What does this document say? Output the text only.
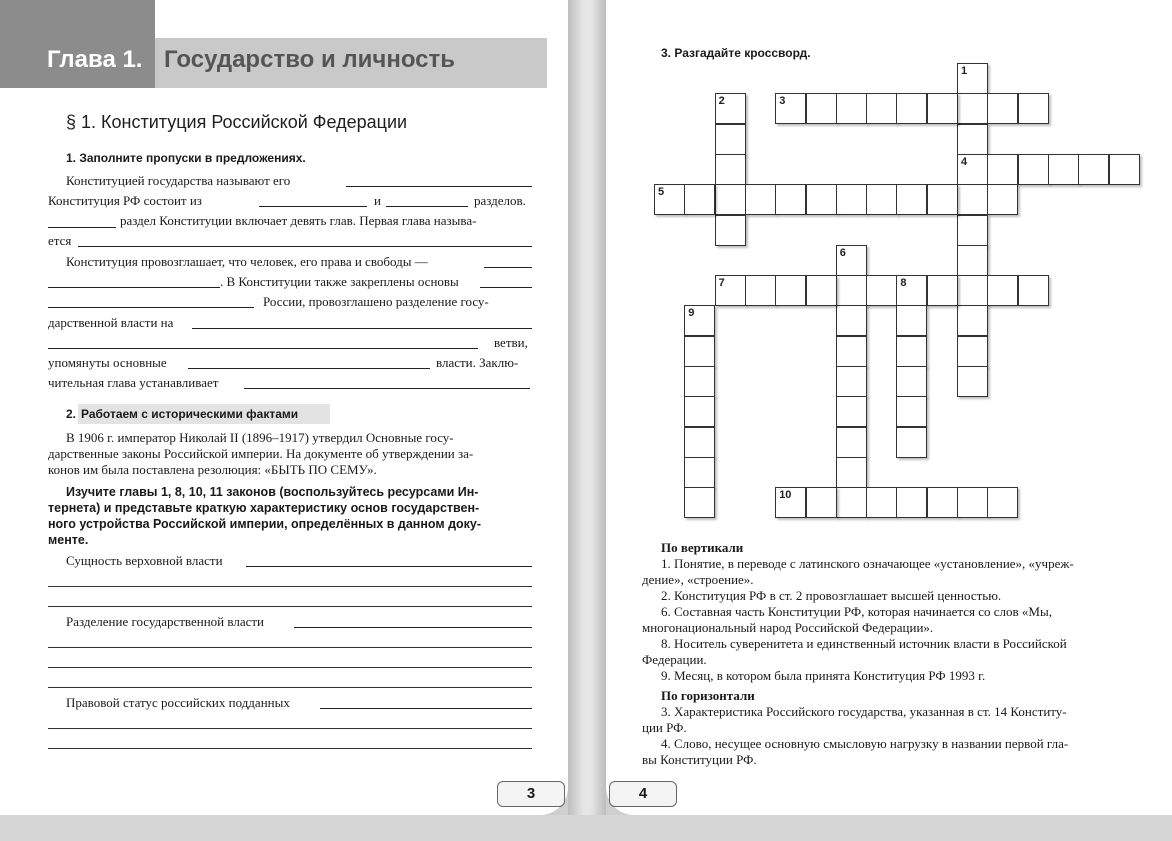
Глава 1. Государство и личность
§ 1. Конституция Российской Федерации
1. Заполните пропуски в предложениях.
Конституцией государства называют его
Конституция РФ состоит из	и	разделов.
раздел Конституции включает девять глав. Первая глава называ-
ется
Конституция провозглашает, что человек, его права и свободы —
. В Конституции также закреплены основы
России, провозглашено разделение госу-
дарственной власти на
ветви,
упомянуты основные	власти. Заклю-
чительная глава устанавливает
2. Работаем с историческими фактами
В 1906 г. император Николай II (1896–1917) утвердил Основные госу-
дарственные законы Российской империи. На документе об утверждении за-
конов им была поставлена резолюция: «БЫТЬ ПО СЕМУ».
Изучите главы 1, 8, 10, 11 законов (воспользуйтесь ресурсами Ин-
тернета) и представьте краткую характеристику основ государствен-
ного устройства Российской империи, определённых в данном доку-
менте.
Сущность верховной власти
Разделение государственной власти
Правовой статус российских подданных
3	4
3. Разгадайте кроссворд.
1
2	3
4
5
6
7	8
9
10
По вертикали
1. Понятие, в переводе с латинского означающее «установление», «учреж-
дение», «строение».
2. Конституция РФ в ст. 2 провозглашает высшей ценностью.
6. Составная часть Конституции РФ, которая начинается со слов «Мы,
многонациональный народ Российской Федерации».
8. Носитель суверенитета и единственный источник власти в Российской
Федерации.
9. Месяц, в котором была принята Конституция РФ 1993 г.
По горизонтали
3. Характеристика Российского государства, указанная в ст. 14 Конститу-
ции РФ.
4. Слово, несущее основную смысловую нагрузку в названии первой гла-
вы Конституции РФ.
